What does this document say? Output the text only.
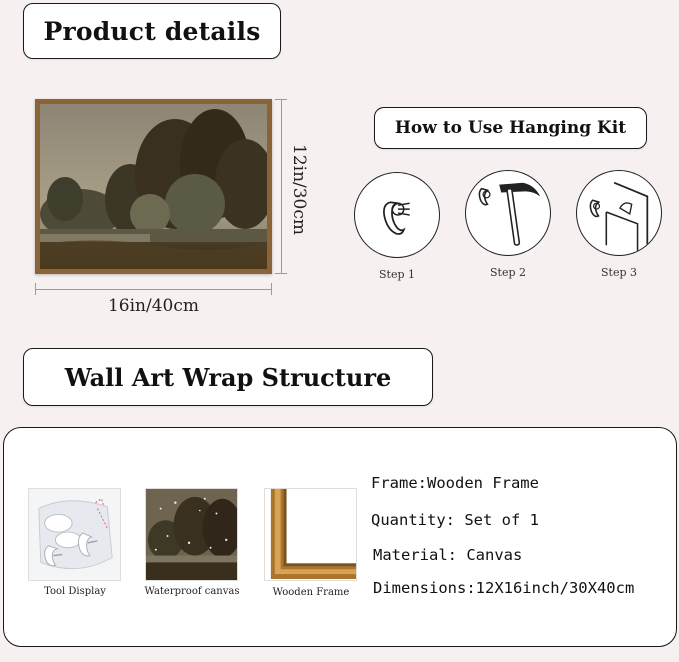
Product details
How to Use Hanging Kit
Wall Art Wrap Structure
16in/40cm
12in/30cm
Step 1	Step 2	Step 3
Tool Display	Waterproof canvas	Wooden Frame
Frame:Wooden Frame
Quantity: Set of 1
Material: Canvas
Dimensions:12X16inch/30X40cm
